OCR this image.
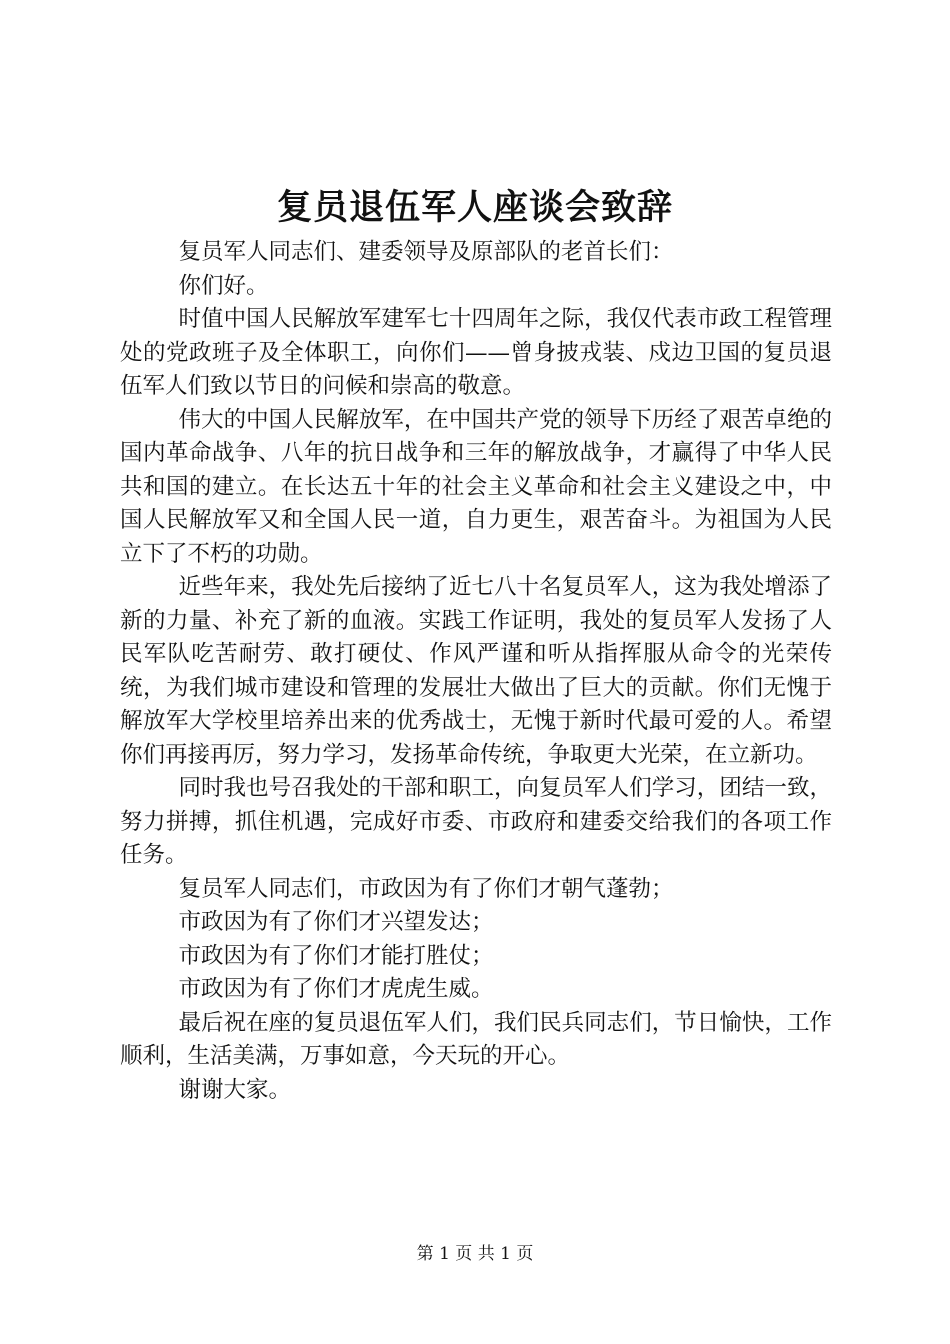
复员退伍军人座谈会致辞

复员军人同志们、建委领导及原部队的老首长们：

你们好。

时值中国人民解放军建军七十四周年之际，我仅代表市政工程管理处的党政班子及全体职工，向你们——曾身披戎装、戍边卫国的复员退伍军人们致以节日的问候和崇高的敬意。

伟大的中国人民解放军，在中国共产党的领导下历经了艰苦卓绝的国内革命战争、八年的抗日战争和三年的解放战争，才赢得了中华人民共和国的建立。在长达五十年的社会主义革命和社会主义建设之中，中国人民解放军又和全国人民一道，自力更生，艰苦奋斗。为祖国为人民立下了不朽的功勋。

近些年来，我处先后接纳了近七八十名复员军人，这为我处增添了新的力量、补充了新的血液。实践工作证明，我处的复员军人发扬了人民军队吃苦耐劳、敢打硬仗、作风严谨和听从指挥服从命令的光荣传统，为我们城市建设和管理的发展壮大做出了巨大的贡献。你们无愧于解放军大学校里培养出来的优秀战士，无愧于新时代最可爱的人。希望你们再接再厉，努力学习，发扬革命传统，争取更大光荣，在立新功。

同时我也号召我处的干部和职工，向复员军人们学习，团结一致，努力拼搏，抓住机遇，完成好市委、市政府和建委交给我们的各项工作任务。

复员军人同志们，市政因为有了你们才朝气蓬勃；

市政因为有了你们才兴望发达；

市政因为有了你们才能打胜仗；

市政因为有了你们才虎虎生威。

最后祝在座的复员退伍军人们，我们民兵同志们，节日愉快，工作顺利，生活美满，万事如意，今天玩的开心。

谢谢大家。

第 1 页 共 1 页
